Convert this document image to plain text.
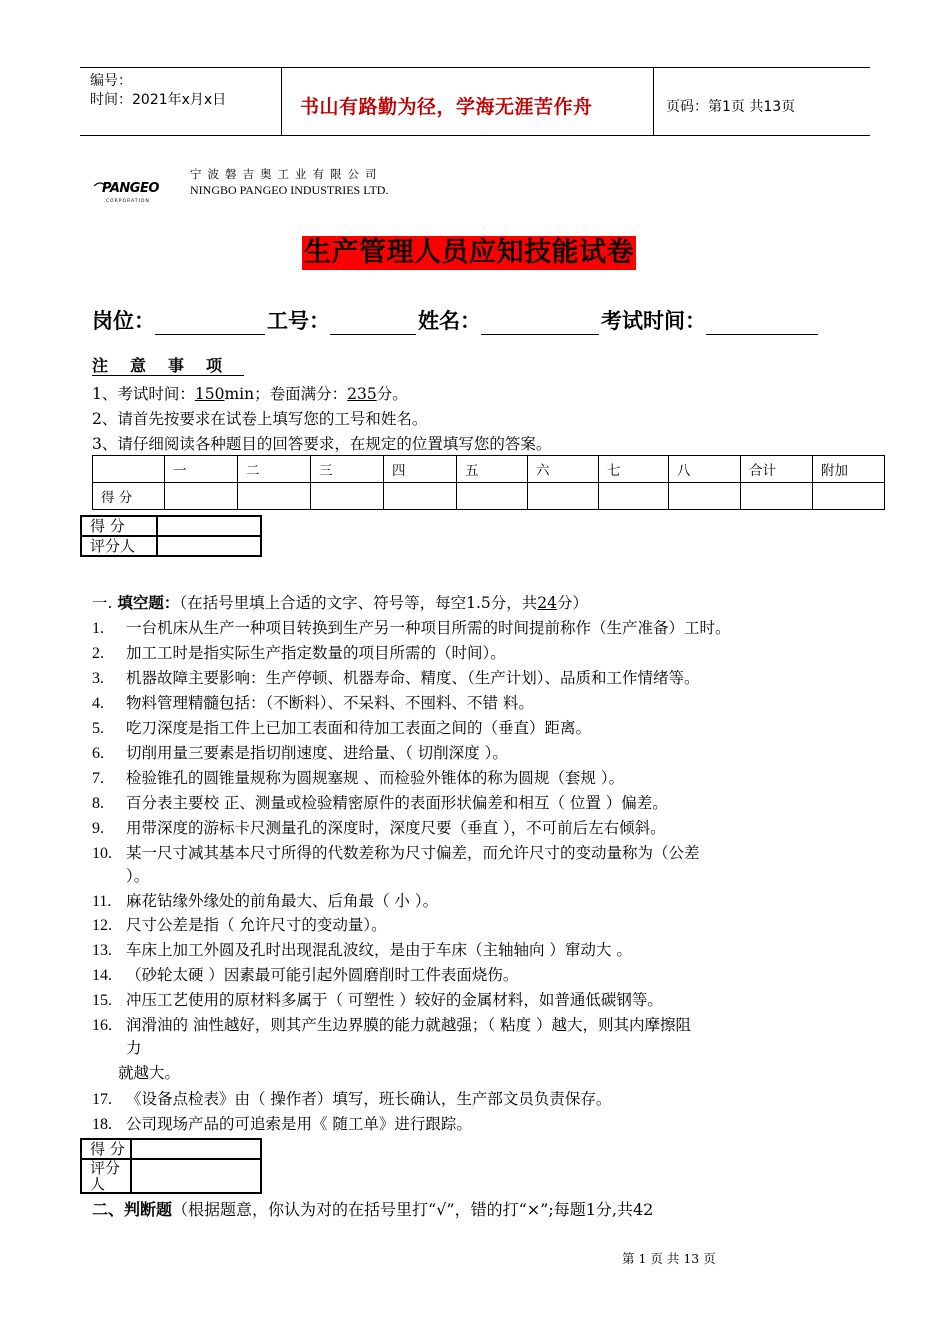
编号：
时间：2021年x月x日	书山有路勤为径，学海无涯苦作舟	页码：第1页 共13页
PANGEO
CORPORATION
宁波磐吉奥工业有限公司
NINGBO PANGEO INDUSTRIES LTD.
生产管理人员应知技能试卷
岗位：	工号：	姓名：	考试时间：
注意事项
1、考试时间：150min；卷面满分：235分。
2、请首先按要求在试卷上填写您的工号和姓名。
3、请仔细阅读各种题目的回答要求，在规定的位置填写您的答案。
	一	二	三	四	五	六	七	八	合计	附加
得 分										
得 分	
评分人	
一. 填空题：（在括号里填上合适的文字、符号等，每空1.5分，共24分）
1. 一台机床从生产一种项目转换到生产另一种项目所需的时间提前称作（生产准备）工时。
2. 加工工时是指实际生产指定数量的项目所需的（时间）。
3. 机器故障主要影响：生产停顿、机器寿命、精度、（生产计划）、品质和工作情绪等。
4. 物料管理精髓包括：（不断料）、不呆料、不囤料、不错 料。
5. 吃刀深度是指工件上已加工表面和待加工表面之间的（垂直）距离。
6. 切削用量三要素是指切削速度、进给量、（ 切削深度 ）。
7. 检验锥孔的圆锥量规称为圆规塞规 、而检验外锥体的称为圆规（套规 ）。
8. 百分表主要校 正、测量或检验精密原件的表面形状偏差和相互（ 位置 ）偏差。
9. 用带深度的游标卡尺测量孔的深度时，深度尺要（垂直 ），不可前后左右倾斜。
10. 某一尺寸减其基本尺寸所得的代数差称为尺寸偏差，而允许尺寸的变动量称为（公差
）。
11. 麻花钻缘外缘处的前角最大、后角最（ 小 ）。
12. 尺寸公差是指（ 允许尺寸的变动量）。
13. 车床上加工外圆及孔时出现混乱波纹，是由于车床（主轴轴向 ）窜动大 。
14. （砂轮太硬 ）因素最可能引起外圆磨削时工件表面烧伤。
15. 冲压工艺使用的原材料多属于（ 可塑性 ）较好的金属材料，如普通低碳钢等。
16. 润滑油的 油性越好，则其产生边界膜的能力就越强；（ 粘度 ）越大，则其内摩擦阻
力
就越大。
17. 《设备点检表》由（ 操作者）填写，班长确认，生产部文员负责保存。
18. 公司现场产品的可追索是用《 随工单》进行跟踪。
得 分	
评分人	
二、判断题（根据题意，你认为对的在括号里打“√”，错的打“×”;每题1分,共42
第 1 页 共 13 页
